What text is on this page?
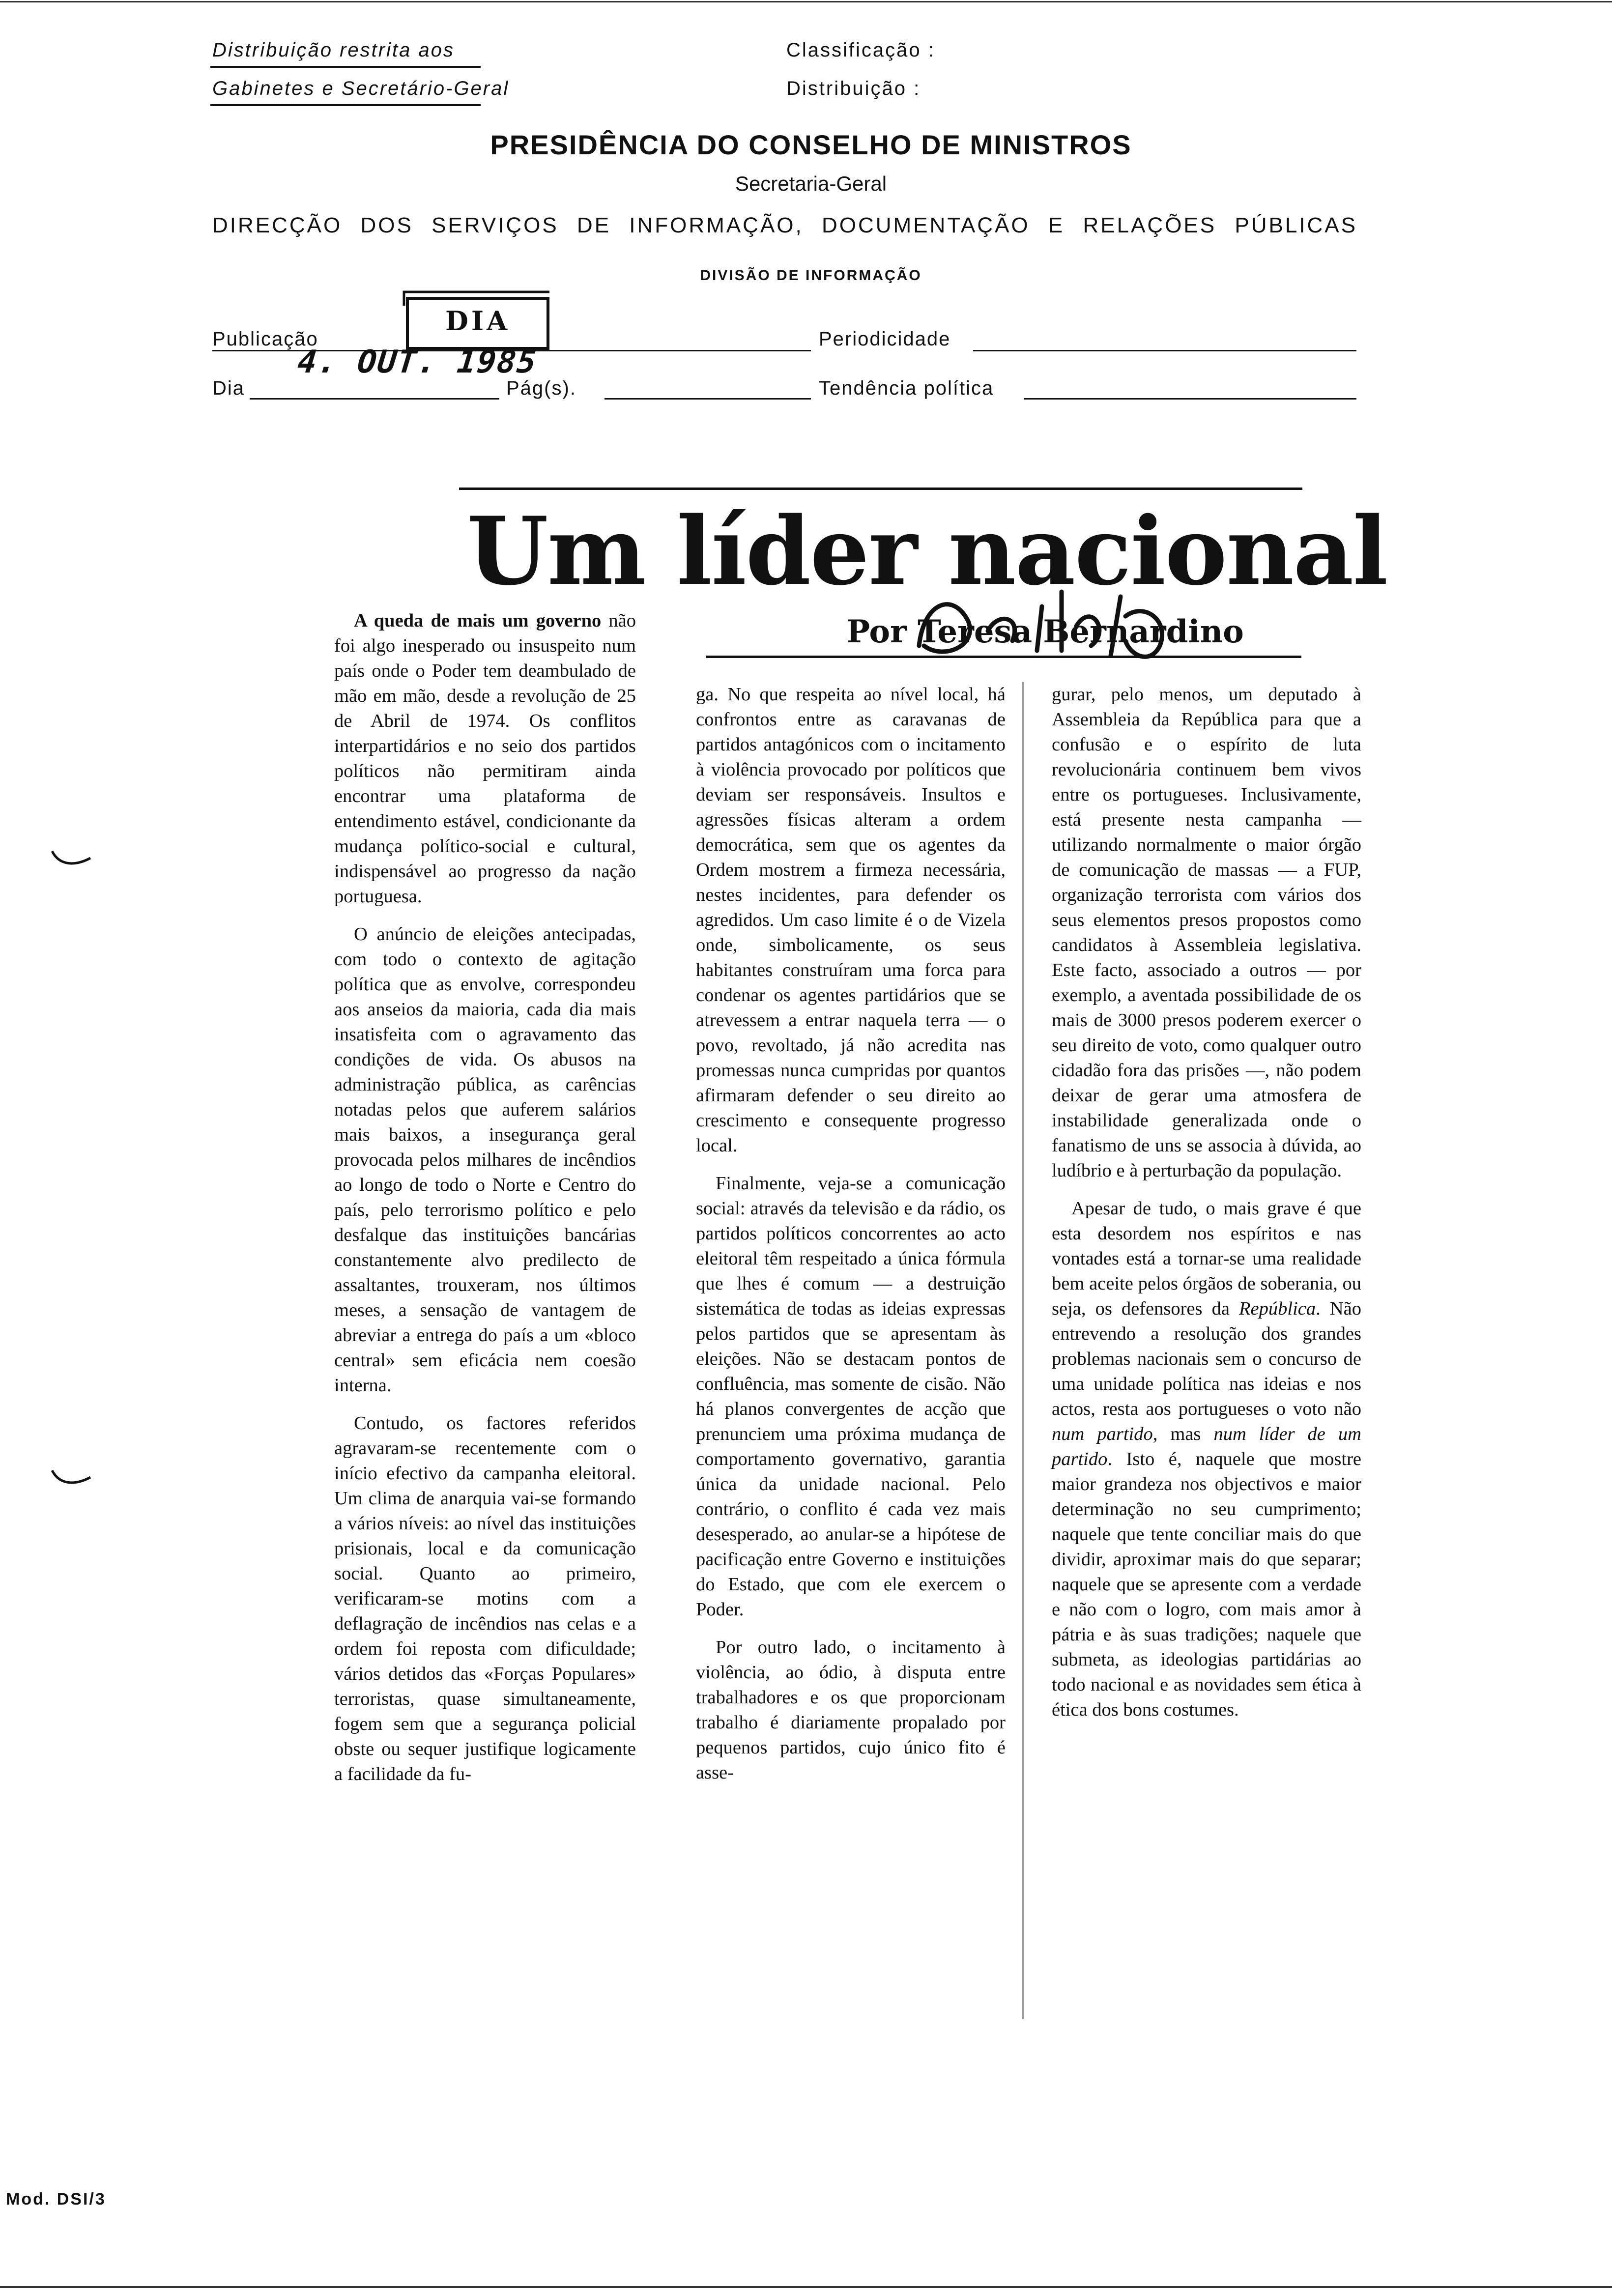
Distribuição restrita aos
Gabinetes e Secretário-Geral
Classificação :
Distribuição :
PRESIDÊNCIA DO CONSELHO DE MINISTROS
Secretaria-Geral
DIRECÇÃO DOS SERVIÇOS DE INFORMAÇÃO, DOCUMENTAÇÃO E RELAÇÕES PÚBLICAS
DIVISÃO DE INFORMAÇÃO
Publicação
DIA
Periodicidade
Dia
4. OUT. 1985
Pág(s).	Tendência política
Um líder nacional
Por Teresa Bernardino

A queda de mais um governo não foi algo inesperado ou insuspeito num país onde o Poder tem deambulado de mão em mão, desde a revolução de 25 de Abril de 1974. Os conflitos interpartidários e no seio dos partidos políticos não permitiram ainda encontrar uma plataforma de entendimento estável, condicionante da mudança político-social e cultural, indispensável ao progresso da nação portuguesa.

O anúncio de eleições antecipadas, com todo o contexto de agitação política que as envolve, correspondeu aos anseios da maioria, cada dia mais insatisfeita com o agravamento das condições de vida. Os abusos na administração pública, as carências notadas pelos que auferem salários mais baixos, a insegurança geral provocada pelos milhares de incêndios ao longo de todo o Norte e Centro do país, pelo terrorismo político e pelo desfalque das instituições bancárias constantemente alvo predilecto de assaltantes, trouxeram, nos últimos meses, a sensação de vantagem de abreviar a entrega do país a um «bloco central» sem eficácia nem coesão interna.

Contudo, os factores referidos agravaram-se recentemente com o início efectivo da campanha eleitoral. Um clima de anarquia vai-se formando a vários níveis: ao nível das instituições prisionais, local e da comunicação social. Quanto ao primeiro, verificaram-se motins com a deflagração de incêndios nas celas e a ordem foi reposta com dificuldade; vários detidos das «Forças Populares» terroristas, quase simultaneamente, fogem sem que a segurança policial obste ou sequer justifique logicamente a facilidade da fu-

ga. No que respeita ao nível local, há confrontos entre as caravanas de partidos antagónicos com o incitamento à violência provocado por políticos que deviam ser responsáveis. Insultos e agressões físicas alteram a ordem democrática, sem que os agentes da Ordem mostrem a firmeza necessária, nestes incidentes, para defender os agredidos. Um caso limite é o de Vizela onde, simbolicamente, os seus habitantes construíram uma forca para condenar os agentes partidários que se atrevessem a entrar naquela terra — o povo, revoltado, já não acredita nas promessas nunca cumpridas por quantos afirmaram defender o seu direito ao crescimento e consequente progresso local.

Finalmente, veja-se a comunicação social: através da televisão e da rádio, os partidos políticos concorrentes ao acto eleitoral têm respeitado a única fórmula que lhes é comum — a destruição sistemática de todas as ideias expressas pelos partidos que se apresentam às eleições. Não se destacam pontos de confluência, mas somente de cisão. Não há planos convergentes de acção que prenunciem uma próxima mudança de comportamento governativo, garantia única da unidade nacional. Pelo contrário, o conflito é cada vez mais desesperado, ao anular-se a hipótese de pacificação entre Governo e instituições do Estado, que com ele exercem o Poder.

Por outro lado, o incitamento à violência, ao ódio, à disputa entre trabalhadores e os que proporcionam trabalho é diariamente propalado por pequenos partidos, cujo único fito é asse-

gurar, pelo menos, um deputado à Assembleia da República para que a confusão e o espírito de luta revolucionária continuem bem vivos entre os portugueses. Inclusivamente, está presente nesta campanha — utilizando normalmente o maior órgão de comunicação de massas — a FUP, organização terrorista com vários dos seus elementos presos propostos como candidatos à Assembleia legislativa. Este facto, associado a outros — por exemplo, a aventada possibilidade de os mais de 3000 presos poderem exercer o seu direito de voto, como qualquer outro cidadão fora das prisões —, não podem deixar de gerar uma atmosfera de instabilidade generalizada onde o fanatismo de uns se associa à dúvida, ao ludíbrio e à perturbação da população.

Apesar de tudo, o mais grave é que esta desordem nos espíritos e nas vontades está a tornar-se uma realidade bem aceite pelos órgãos de soberania, ou seja, os defensores da República. Não entrevendo a resolução dos grandes problemas nacionais sem o concurso de uma unidade política nas ideias e nos actos, resta aos portugueses o voto não num partido, mas num líder de um partido. Isto é, naquele que mostre maior grandeza nos objectivos e maior determinação no seu cumprimento; naquele que tente conciliar mais do que dividir, aproximar mais do que separar; naquele que se apresente com a verdade e não com o logro, com mais amor à pátria e às suas tradições; naquele que submeta, as ideologias partidárias ao todo nacional e as novidades sem ética à ética dos bons costumes.

Mod. DSI/3
